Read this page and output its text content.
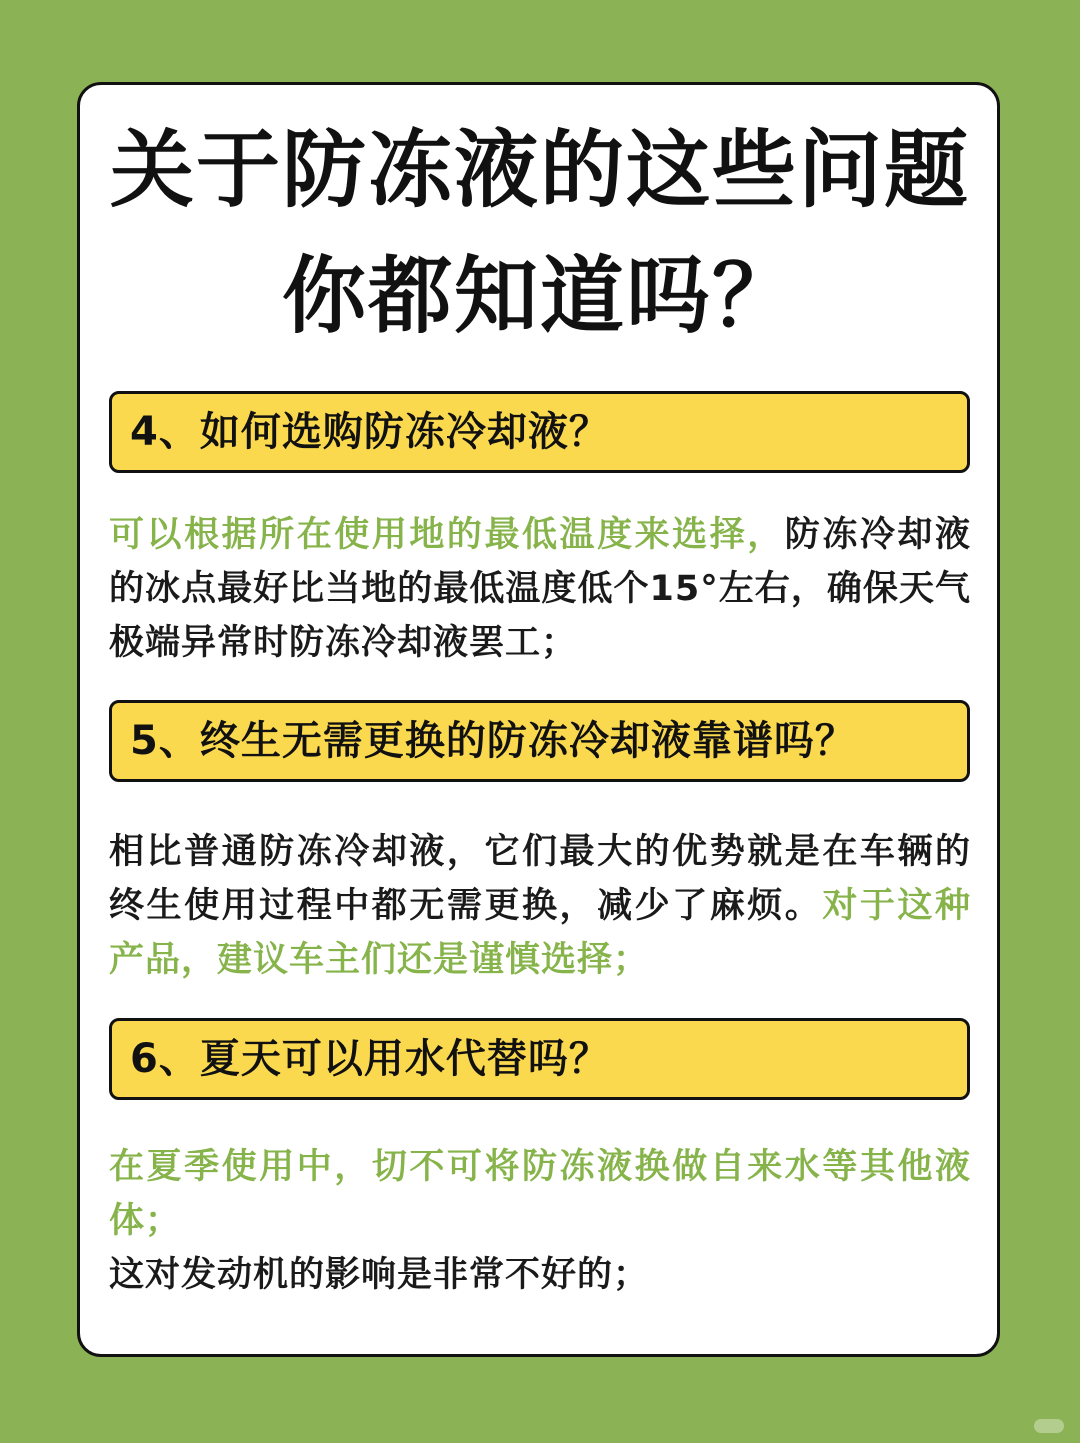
关于防冻液的这些问题
你都知道吗？
4、如何选购防冻冷却液？
可以根据所在使用地的最低温度来选择，防冻冷却液的冰点最好比当地的最低温度低个15°左右，确保天气极端异常时防冻冷却液罢工；
5、终生无需更换的防冻冷却液靠谱吗？
相比普通防冻冷却液，它们最大的优势就是在车辆的终生使用过程中都无需更换，减少了麻烦。对于这种产品，建议车主们还是谨慎选择；
6、夏天可以用水代替吗？
在夏季使用中，切不可将防冻液换做自来水等其他液体；
这对发动机的影响是非常不好的；
